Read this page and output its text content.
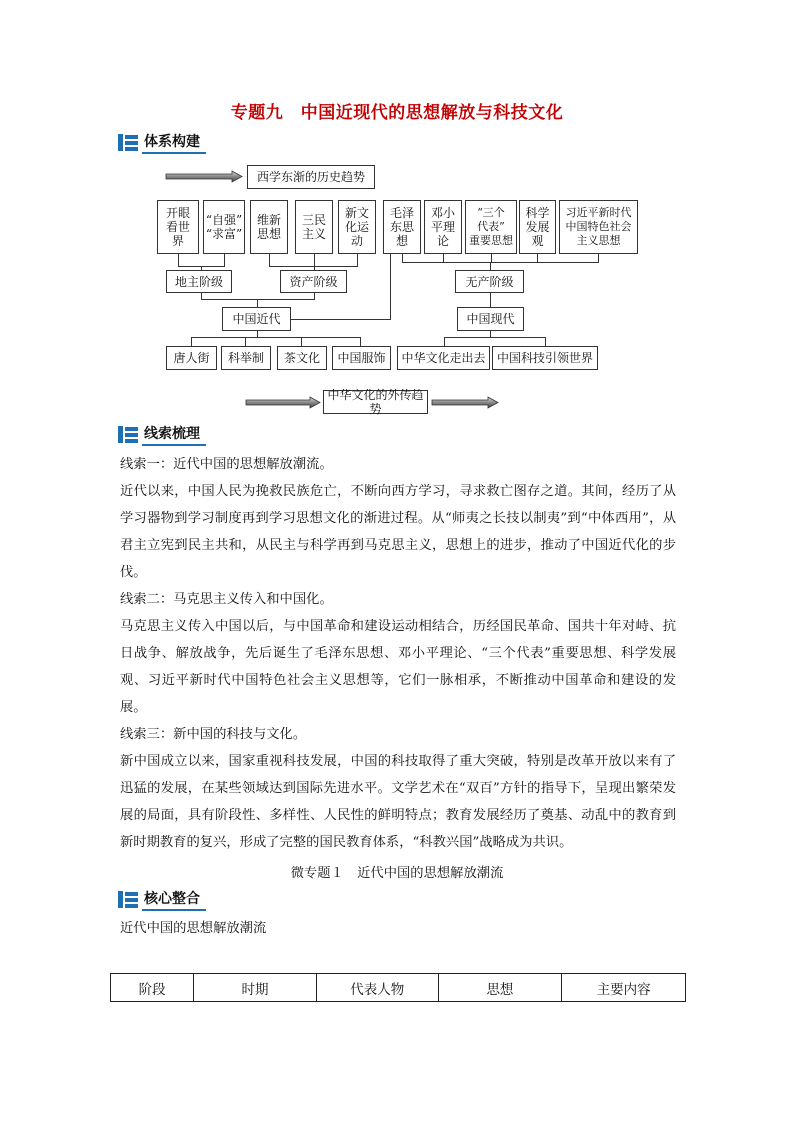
专题九　中国近现代的思想解放与科技文化
体系构建
西学东渐的历史趋势
开眼
看世
界
“自强”
“求富”
维新
思想
三民
主义
新文
化运
动
毛泽
东思
想
邓小
平理
论
“三个
代表”
重要思想
科学
发展
观
习近平新时代
中国特色社会
主义思想
地主阶级	资产阶级	无产阶级
中国近代	中国现代
唐人街	科举制	茶文化	中国服饰	中华文化走出去 中国科技引领世界
中华文化的外传趋势
线索梳理

线索一：近代中国的思想解放潮流。

近代以来，中国人民为挽救民族危亡，不断向西方学习，寻求救亡图存之道。其间，经历了从学习器物到学习制度再到学习思想文化的渐进过程。从“师夷之长技以制夷”到“中体西用”，从君主立宪到民主共和，从民主与科学再到马克思主义，思想上的进步，推动了中国近代化的步伐。

线索二：马克思主义传入和中国化。

马克思主义传入中国以后，与中国革命和建设运动相结合，历经国民革命、国共十年对峙、抗日战争、解放战争，先后诞生了毛泽东思想、邓小平理论、“三个代表”重要思想、科学发展观、习近平新时代中国特色社会主义思想等，它们一脉相承，不断推动中国革命和建设的发展。

线索三：新中国的科技与文化。

新中国成立以来，国家重视科技发展，中国的科技取得了重大突破，特别是改革开放以来有了迅猛的发展，在某些领域达到国际先进水平。文学艺术在“双百”方针的指导下，呈现出繁荣发展的局面，具有阶段性、多样性、人民性的鲜明特点；教育发展经历了奠基、动乱中的教育到新时期教育的复兴，形成了完整的国民教育体系，“科教兴国”战略成为共识。

微专题１　近代中国的思想解放潮流
核心整合

近代中国的思想解放潮流

阶段	时期	代表人物	思想	主要内容
